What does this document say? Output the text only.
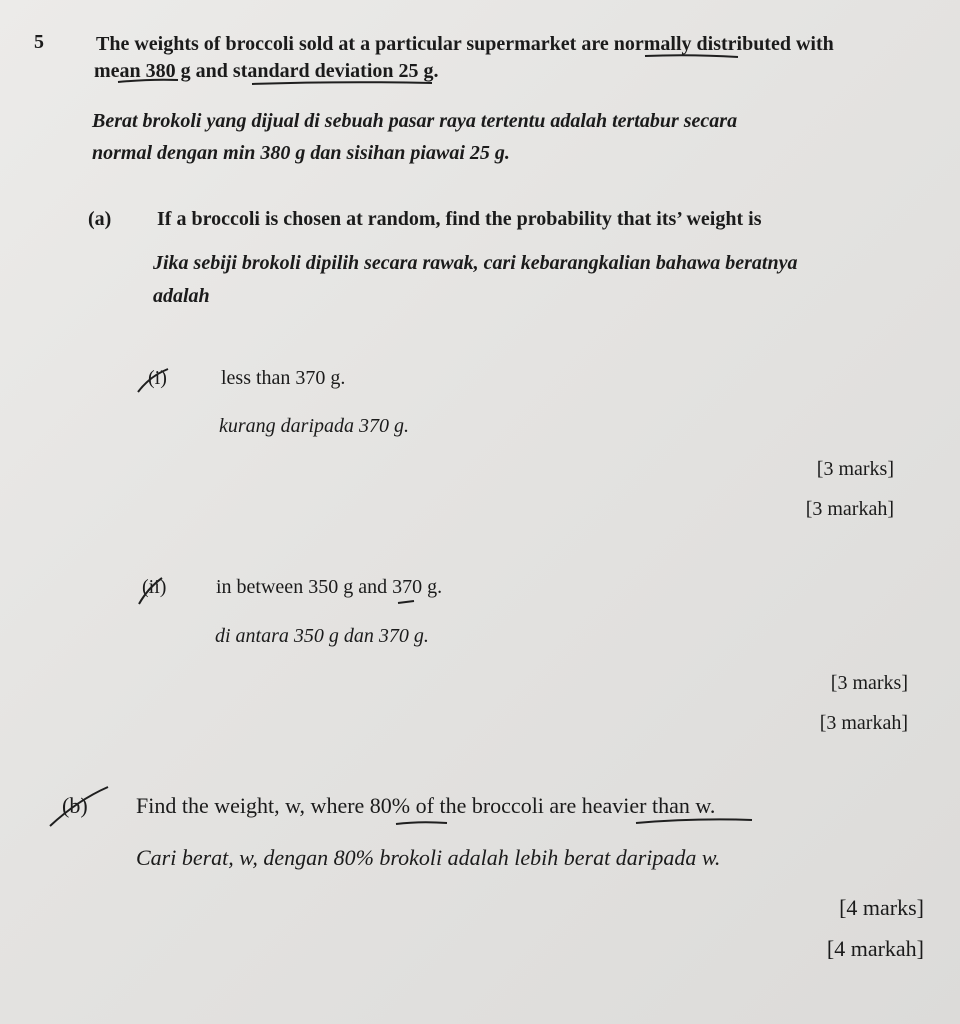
5	The weights of broccoli sold at a particular supermarket are normally distributed with
mean 380 g and standard deviation 25 g.
Berat brokoli yang dijual di sebuah pasar raya tertentu adalah tertabur secara
normal dengan min 380 g dan sisihan piawai 25 g.
(a) If a broccoli is chosen at random, find the probability that its’ weight is
Jika sebiji brokoli dipilih secara rawak, cari kebarangkalian bahawa beratnya
adalah
(i)	less than 370 g.
kurang daripada 370 g.
[3 marks]
[3 markah]
(ii) in between 350 g and 370 g.
di antara 350 g dan 370 g.
[3 marks]
[3 markah]
(b) Find the weight, w, where 80% of the broccoli are heavier than w.
Cari berat, w, dengan 80% brokoli adalah lebih berat daripada w.
[4 marks]
[4 markah]
